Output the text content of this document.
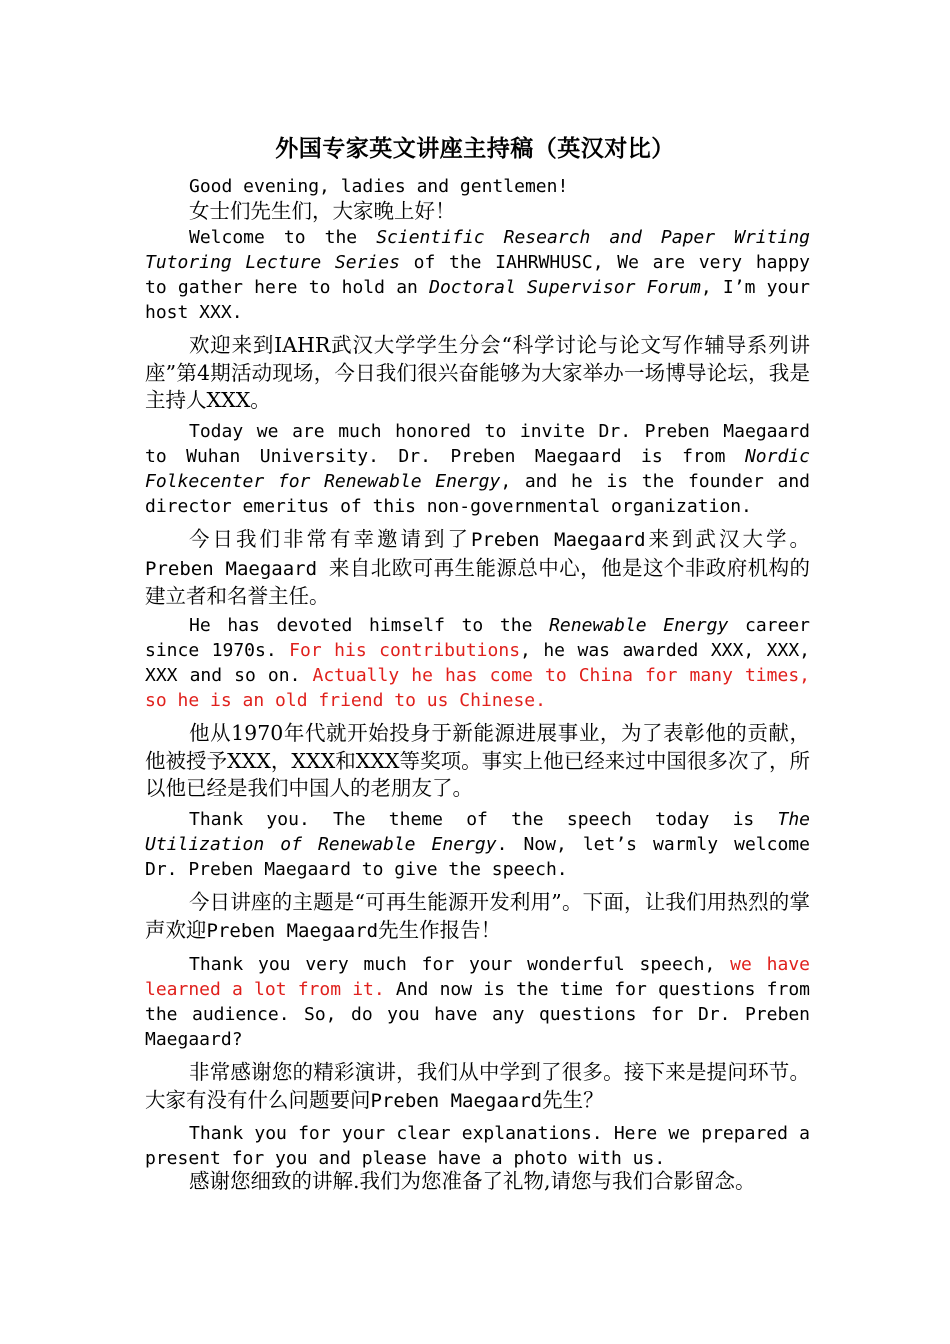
外国专家英文讲座主持稿（英汉对比）

Good evening, ladies and gentlemen!

女士们先生们，大家晚上好！

Welcome to the Scientific Research and Paper Writing Tutoring Lecture Series of the IAHRWHUSC, We are very happy to gather here to hold an Doctoral Supervisor Forum, I’m your host XXX.

欢迎来到IAHR武汉大学学生分会“科学讨论与论文写作辅导系列讲座”第4期活动现场，今日我们很兴奋能够为大家举办一场博导论坛，我是主持人XXX。

Today we are much honored to invite Dr. Preben Maegaard to Wuhan University. Dr. Preben Maegaard is from Nordic Folkecenter for Renewable Energy, and he is the founder and director emeritus of this non-governmental organization.

今日我们非常有幸邀请到了Preben Maegaard来到武汉大学。Preben Maegaard 来自北欧可再生能源总中心，他是这个非政府机构的建立者和名誉主任。

He has devoted himself to the Renewable Energy career since 1970s. For his contributions, he was awarded XXX, XXX, XXX and so on. Actually he has come to China for many times, so he is an old friend to us Chinese.

他从1970年代就开始投身于新能源进展事业，为了表彰他的贡献，他被授予XXX，XXX和XXX等奖项。事实上他已经来过中国很多次了，所以他已经是我们中国人的老朋友了。

Thank you. The theme of the speech today is The Utilization of Renewable Energy. Now, let’s warmly welcome Dr. Preben Maegaard to give the speech.

今日讲座的主题是“可再生能源开发利用”。下面，让我们用热烈的掌声欢迎Preben Maegaard先生作报告！

Thank you very much for your wonderful speech, we have learned a lot from it. And now is the time for questions from the audience. So, do you have any questions for Dr. Preben Maegaard?

非常感谢您的精彩演讲，我们从中学到了很多。接下来是提问环节。大家有没有什么问题要问Preben Maegaard先生？

Thank you for your clear explanations. Here we prepared a present for you and please have a photo with us.

感谢您细致的讲解.我们为您准备了礼物,请您与我们合影留念。
